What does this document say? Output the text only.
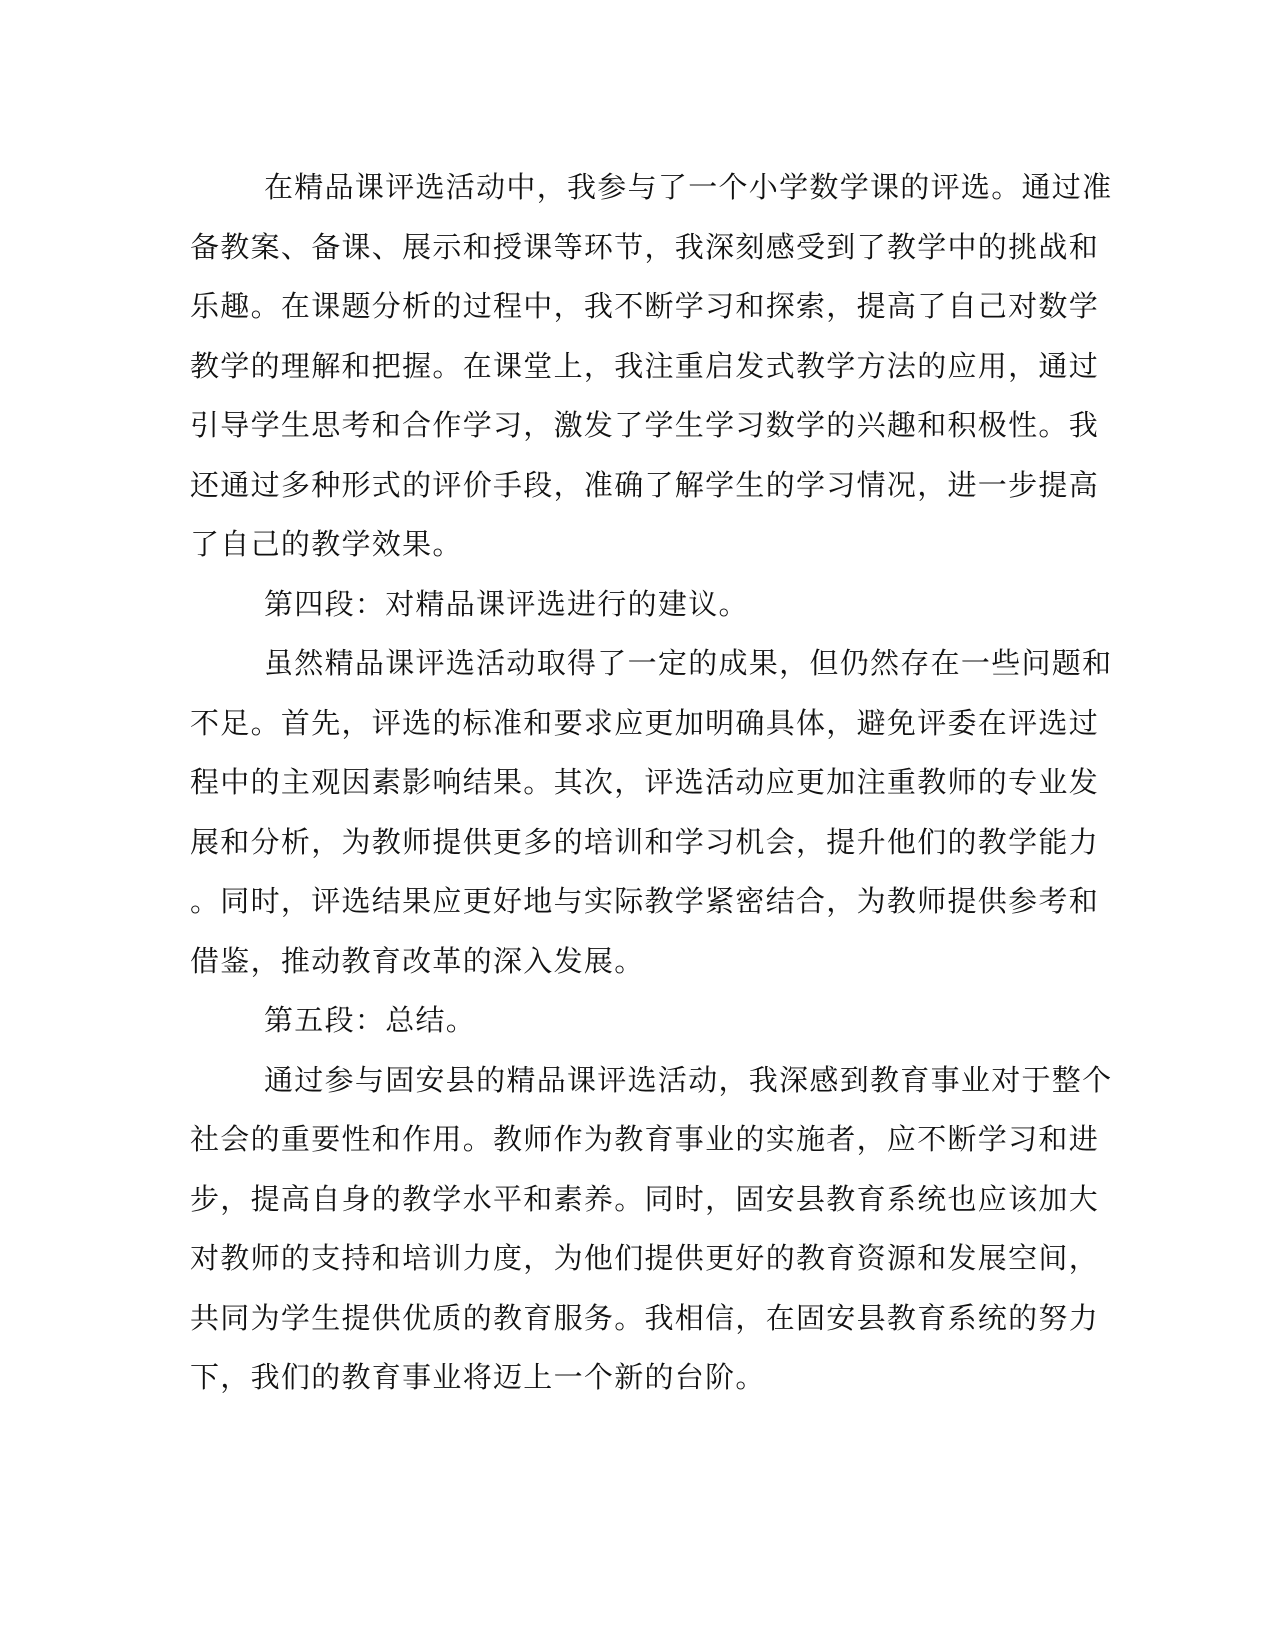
在精品课评选活动中，我参与了一个小学数学课的评选。通过准
备教案、备课、展示和授课等环节，我深刻感受到了教学中的挑战和
乐趣。在课题分析的过程中，我不断学习和探索，提高了自己对数学
教学的理解和把握。在课堂上，我注重启发式教学方法的应用，通过
引导学生思考和合作学习，激发了学生学习数学的兴趣和积极性。我
还通过多种形式的评价手段，准确了解学生的学习情况，进一步提高
了自己的教学效果。
第四段：对精品课评选进行的建议。
虽然精品课评选活动取得了一定的成果，但仍然存在一些问题和
不足。首先，评选的标准和要求应更加明确具体，避免评委在评选过
程中的主观因素影响结果。其次，评选活动应更加注重教师的专业发
展和分析，为教师提供更多的培训和学习机会，提升他们的教学能力
。同时，评选结果应更好地与实际教学紧密结合，为教师提供参考和
借鉴，推动教育改革的深入发展。
第五段：总结。
通过参与固安县的精品课评选活动，我深感到教育事业对于整个
社会的重要性和作用。教师作为教育事业的实施者，应不断学习和进
步，提高自身的教学水平和素养。同时，固安县教育系统也应该加大
对教师的支持和培训力度，为他们提供更好的教育资源和发展空间，
共同为学生提供优质的教育服务。我相信，在固安县教育系统的努力
下，我们的教育事业将迈上一个新的台阶。
